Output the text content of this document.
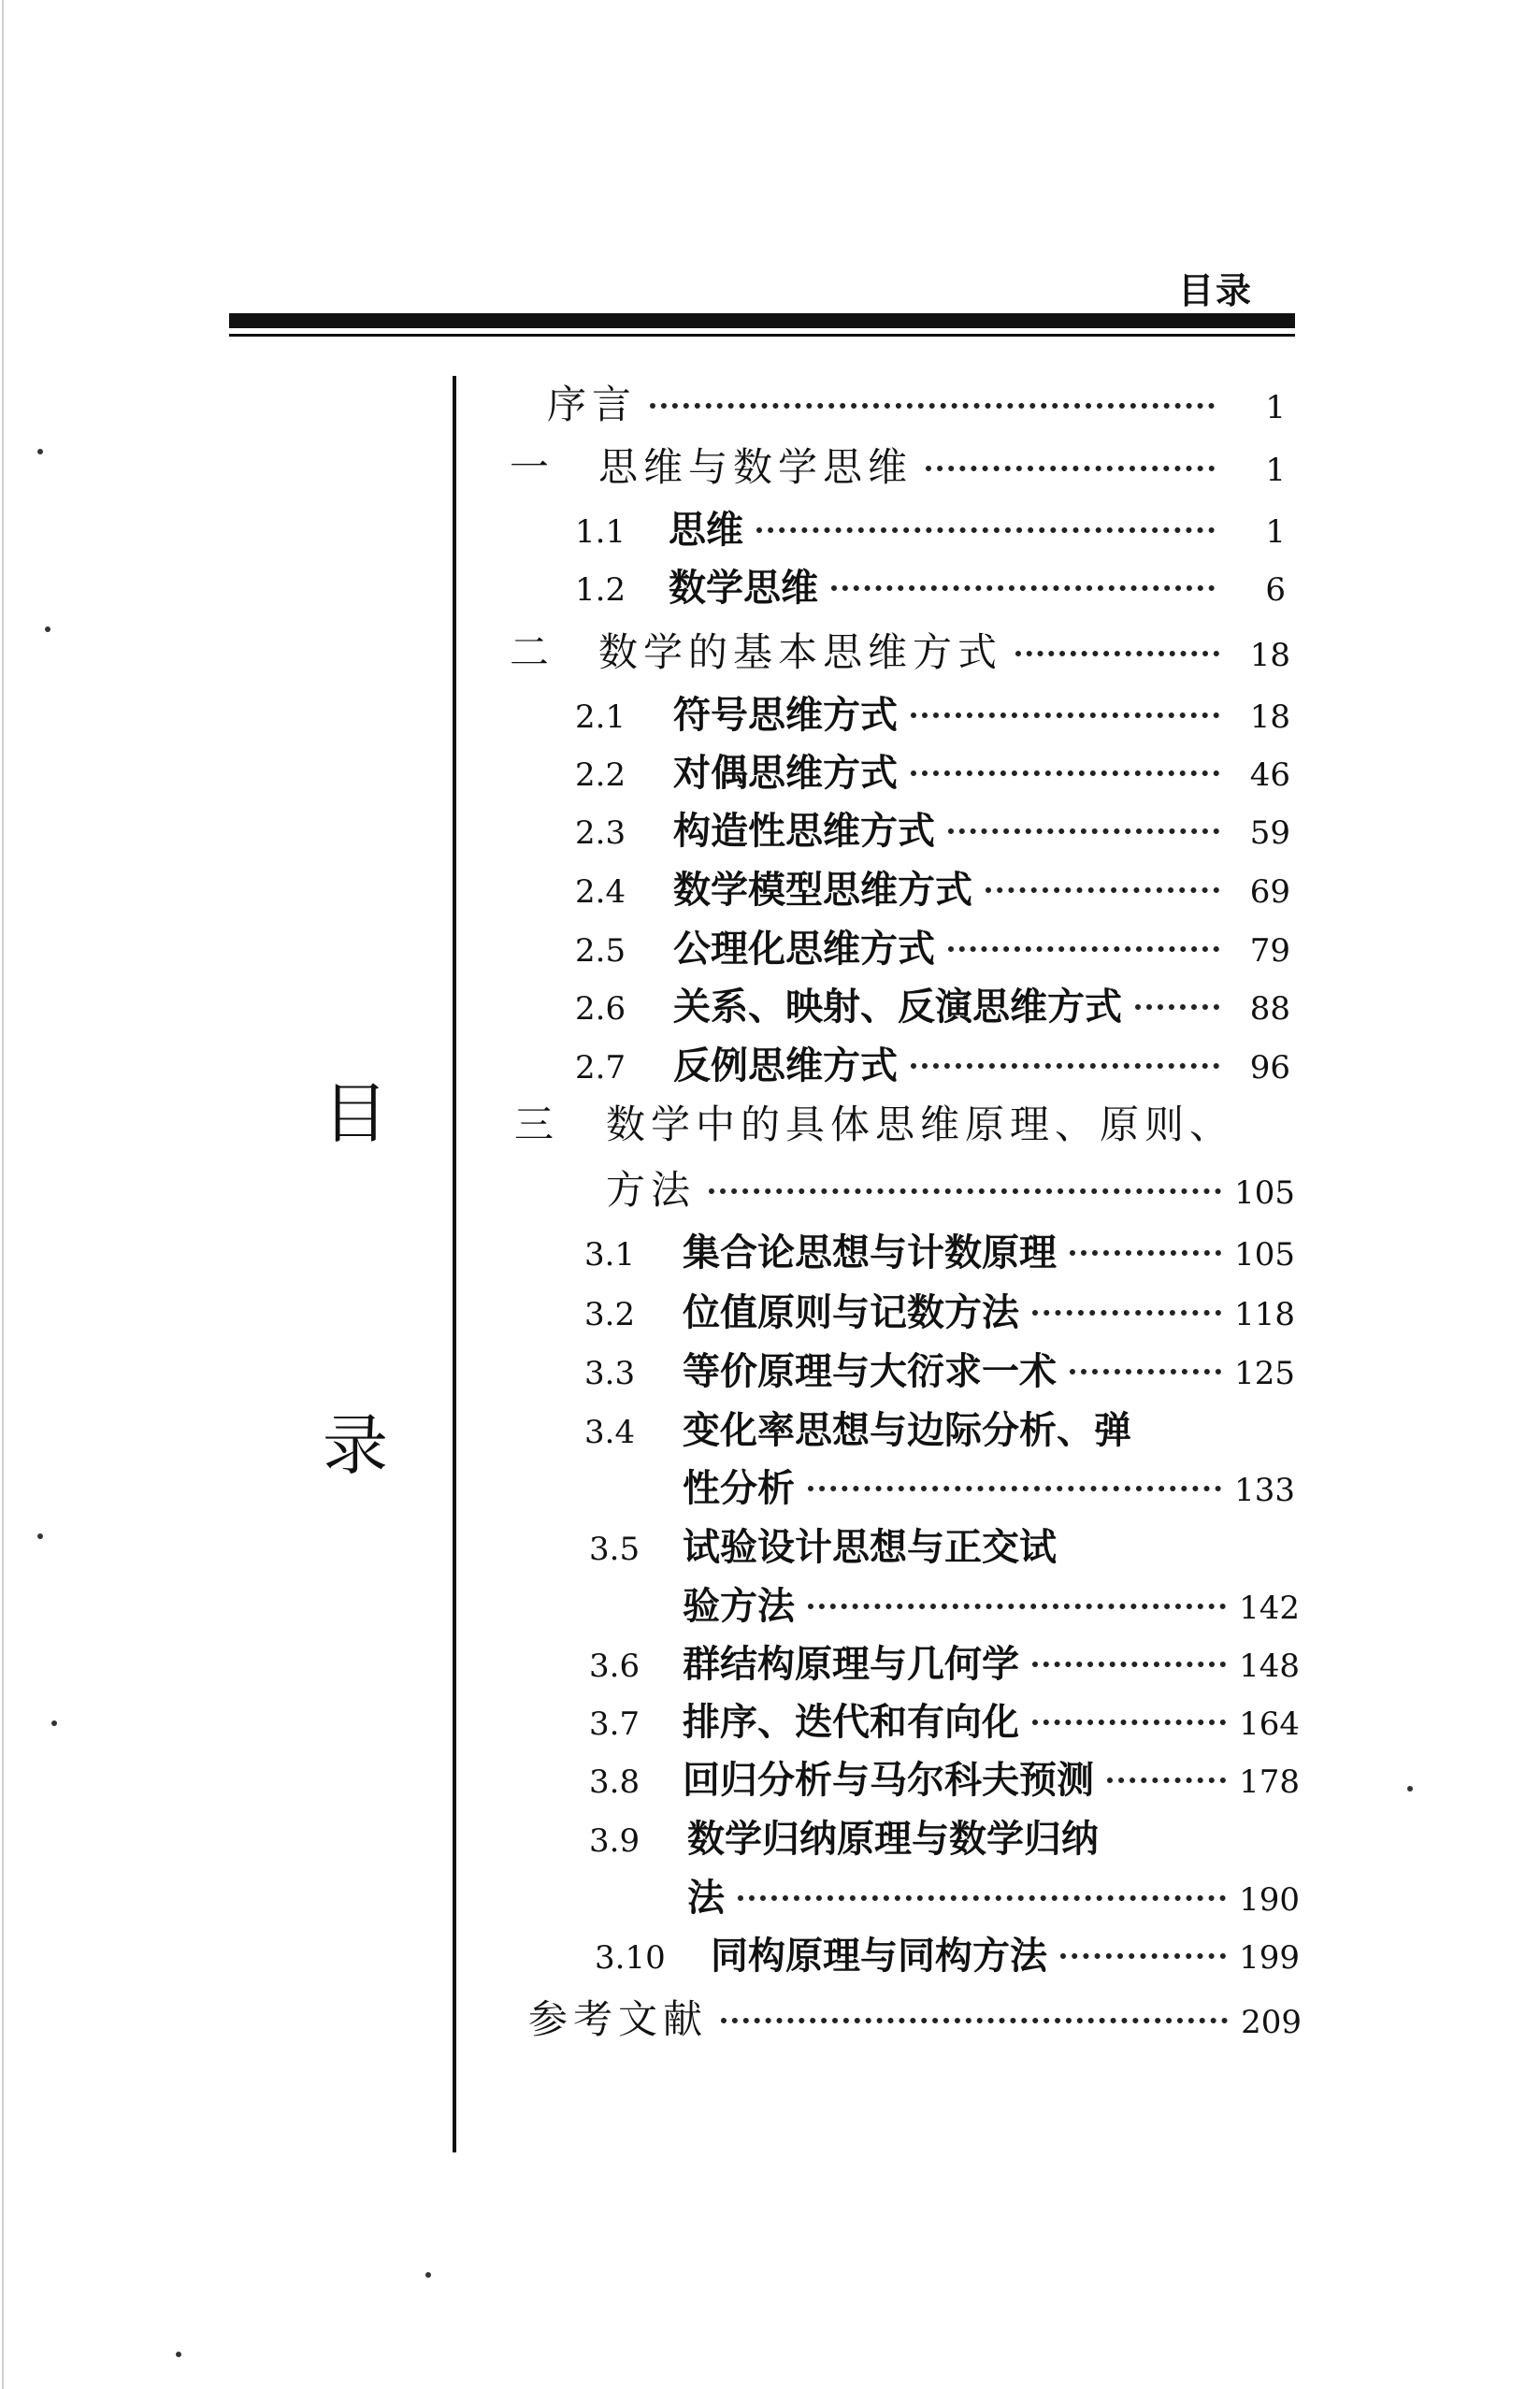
目录
目
录
序言	1
一	思维与数学思维	1
1.1	思维	1
1.2	数学思维	6
二	数学的基本思维方式	18
2.1	符号思维方式	18
2.2	对偶思维方式	46
2.3	构造性思维方式	59
2.4	数学模型思维方式	69
2.5	公理化思维方式	79
2.6	关系、映射、反演思维方式	88
2.7	反例思维方式	96
三	数学中的具体思维原理、原则、
方法	105
3.1	集合论思想与计数原理	105
3.2	位值原则与记数方法	118
3.3	等价原理与大衍求一术	125
3.4	变化率思想与边际分析、弹
性分析	133
3.5	试验设计思想与正交试
验方法	142
3.6	群结构原理与几何学	148
3.7	排序、迭代和有向化	164
3.8	回归分析与马尔科夫预测	178
3.9	数学归纳原理与数学归纳
法	190
3.10	同构原理与同构方法	199
参考文献	209
